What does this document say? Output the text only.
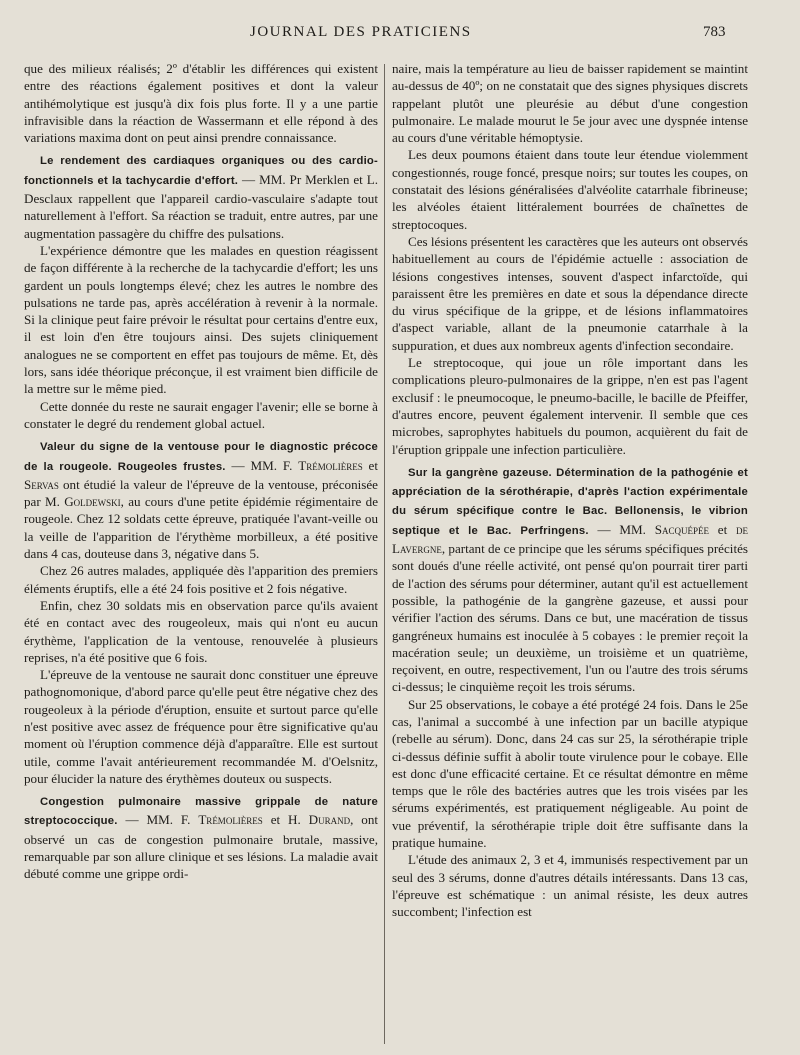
JOURNAL DES PRATICIENS	783

que des milieux réalisés; 2º d'établir les différences qui existent entre des réactions également positives et dont la valeur antihémolytique est jusqu'à dix fois plus forte. Il y a une partie infravisible dans la réaction de Wassermann et elle répond à des variations maxima dont on peut ainsi prendre connaissance.

Le rendement des cardiaques organiques ou des cardio-fonctionnels et la tachycardie d'effort. — MM. Pr Merklen et L. Desclaux rappellent que l'appareil cardio-vasculaire s'adapte tout naturellement à l'effort. Sa réaction se traduit, entre autres, par une augmentation passagère du chiffre des pulsations.

L'expérience démontre que les malades en question réagissent de façon différente à la recherche de la tachycardie d'effort; les uns gardent un pouls longtemps élevé; chez les autres le nombre des pulsations ne tarde pas, après accélération à revenir à la normale. Si la clinique peut faire prévoir le résultat pour certains d'entre eux, il est loin d'en être toujours ainsi. Des sujets cliniquement analogues ne se comportent en effet pas toujours de même. Et, dès lors, sans idée théorique préconçue, il est vraiment bien difficile de la mettre sur le même pied.

Cette donnée du reste ne saurait engager l'avenir; elle se borne à constater le degré du rendement global actuel.

Valeur du signe de la ventouse pour le diagnostic précoce de la rougeole. Rougeoles frustes. — MM. F. Trémolières et Servas ont étudié la valeur de l'épreuve de la ventouse, préconisée par M. Goldewski, au cours d'une petite épidémie régimentaire de rougeole. Chez 12 soldats cette épreuve, pratiquée l'avant-veille ou la veille de l'apparition de l'érythème morbilleux, a été positive dans 4 cas, douteuse dans 3, négative dans 5.

Chez 26 autres malades, appliquée dès l'apparition des premiers éléments éruptifs, elle a été 24 fois positive et 2 fois négative.

Enfin, chez 30 soldats mis en observation parce qu'ils avaient été en contact avec des rougeoleux, mais qui n'ont eu aucun érythème, l'application de la ventouse, renouvelée à plusieurs reprises, n'a été positive que 6 fois.

L'épreuve de la ventouse ne saurait donc constituer une épreuve pathognomonique, d'abord parce qu'elle peut être négative chez des rougeoleux à la période d'éruption, ensuite et surtout parce qu'elle n'est positive avec assez de fréquence pour être significative qu'au moment où l'éruption commence déjà d'apparaître. Elle est surtout utile, comme l'avait antérieurement recommandée M. d'Oelsnitz, pour élucider la nature des érythèmes douteux ou suspects.

Congestion pulmonaire massive grippale de nature streptococcique. — MM. F. Trémolières et H. Durand, ont observé un cas de congestion pulmonaire brutale, massive, remarquable par son allure clinique et ses lésions. La maladie avait débuté comme une grippe ordi-

naire, mais la température au lieu de baisser rapidement se maintint au-dessus de 40º; on ne constatait que des signes physiques discrets rappelant plutôt une pleurésie au début d'une congestion pulmonaire. Le malade mourut le 5e jour avec une dyspnée intense au cours d'une véritable hémoptysie.

Les deux poumons étaient dans toute leur étendue violemment congestionnés, rouge foncé, presque noirs; sur toutes les coupes, on constatait des lésions généralisées d'alvéolite catarrhale fibrineuse; les alvéoles étaient littéralement bourrées de chaînettes de streptocoques.

Ces lésions présentent les caractères que les auteurs ont observés habituellement au cours de l'épidémie actuelle : association de lésions congestives intenses, souvent d'aspect infarctoïde, qui paraissent être les premières en date et sous la dépendance directe du virus spécifique de la grippe, et de lésions inflammatoires d'aspect variable, allant de la pneumonie catarrhale à la suppuration, et dues aux nombreux agents d'infection secondaire.

Le streptocoque, qui joue un rôle important dans les complications pleuro-pulmonaires de la grippe, n'en est pas l'agent exclusif : le pneumocoque, le pneumo-bacille, le bacille de Pfeiffer, d'autres encore, peuvent également intervenir. Il semble que ces microbes, saprophytes habituels du poumon, acquièrent du fait de l'éruption grippale une infection particulière.

Sur la gangrène gazeuse. Détermination de la pathogénie et appréciation de la sérothérapie, d'après l'action expérimentale du sérum spécifique contre le Bac. Bellonensis, le vibrion septique et le Bac. Perfringens. — MM. Sacquépée et de Lavergne, partant de ce principe que les sérums spécifiques précités sont doués d'une réelle activité, ont pensé qu'on pourrait tirer parti de l'action des sérums pour déterminer, autant qu'il est actuellement possible, la pathogénie de la gangrène gazeuse, et aussi pour vérifier l'action des sérums. Dans ce but, une macération de tissus gangréneux humains est inoculée à 5 cobayes : le premier reçoit la macération seule; un deuxième, un troisième et un quatrième, reçoivent, en outre, respectivement, l'un ou l'autre des trois sérums ci-dessus; le cinquième reçoit les trois sérums.

Sur 25 observations, le cobaye a été protégé 24 fois. Dans le 25e cas, l'animal a succombé à une infection par un bacille atypique (rebelle au sérum). Donc, dans 24 cas sur 25, la sérothérapie triple ci-dessus définie suffit à abolir toute virulence pour le cobaye. Elle est donc d'une efficacité certaine. Et ce résultat démontre en même temps que le rôle des bactéries autres que les trois visées par les sérums expérimentés, est pratiquement négligeable. Au point de vue préventif, la sérothérapie triple doit être suffisante dans la pratique humaine.

L'étude des animaux 2, 3 et 4, immunisés respectivement par un seul des 3 sérums, donne d'autres détails intéressants. Dans 13 cas, l'épreuve est schématique : un animal résiste, les deux autres succombent; l'infection est
